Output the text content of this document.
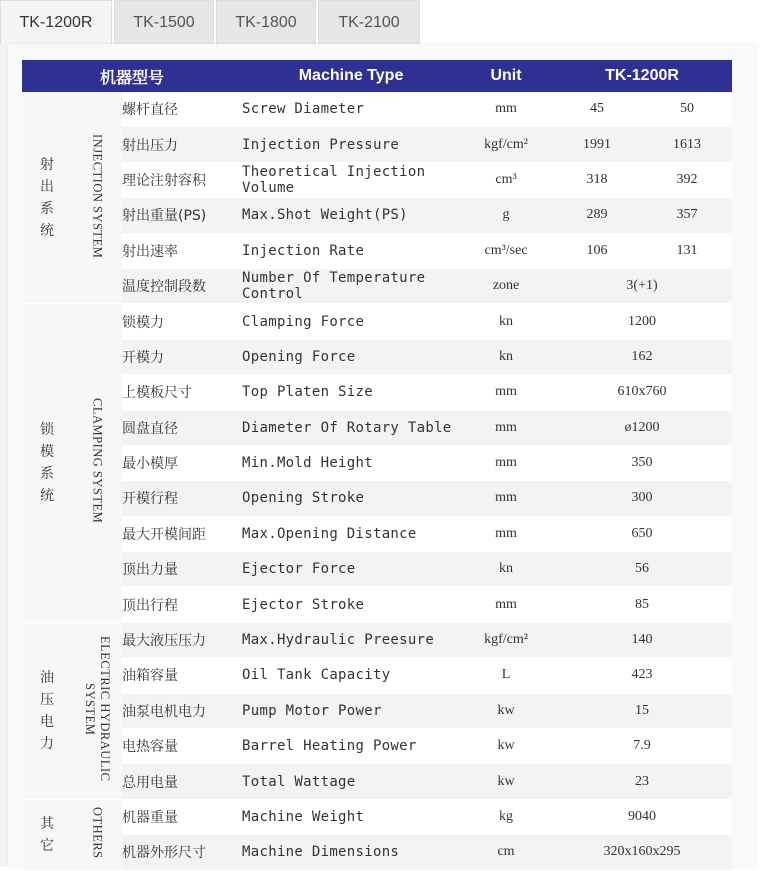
TK-1200R	TK-1500	TK-1800	TK-2100
机器型号			Machine Type	Unit	TK-1200R	
射出系统	INJECTION SYSTEM	螺杆直径	Screw Diameter	mm	45	50
		射出压力	Injection Pressure	kgf/cm²	1991	1613
		理论注射容积	Theoretical Injection Volume	cm³	318	392
		射出重量(PS)	Max.Shot Weight(PS)	g	289	357
		射出速率	Injection Rate	cm³/sec	106	131
		温度控制段数	Number Of Temperature Control	zone	3(+1)	
锁模系统	CLAMPING SYSTEM	锁模力	Clamping Force	kn	1200	
		开模力	Opening Force	kn	162	
		上模板尺寸	Top Platen Size	mm	610x760	
		圆盘直径	Diameter Of Rotary Table	mm	ø1200	
		最小模厚	Min.Mold Height	mm	350	
		开模行程	Opening Stroke	mm	300	
		最大开模间距	Max.Opening Distance	mm	650	
		顶出力量	Ejector Force	kn	56	
		顶出行程	Ejector Stroke	mm	85	
油压电力	ELECTRIC HYDRAULIC SYSTEM	最大液压压力	Max.Hydraulic Preesure	kgf/cm²	140	
		油箱容量	Oil Tank Capacity	L	423	
		油泵电机电力	Pump Motor Power	kw	15	
		电热容量	Barrel Heating Power	kw	7.9	
		总用电量	Total Wattage	kw	23	
其它	OTHERS	机器重量	Machine Weight	kg	9040	
		机器外形尺寸	Machine Dimensions	cm	320x160x295	
